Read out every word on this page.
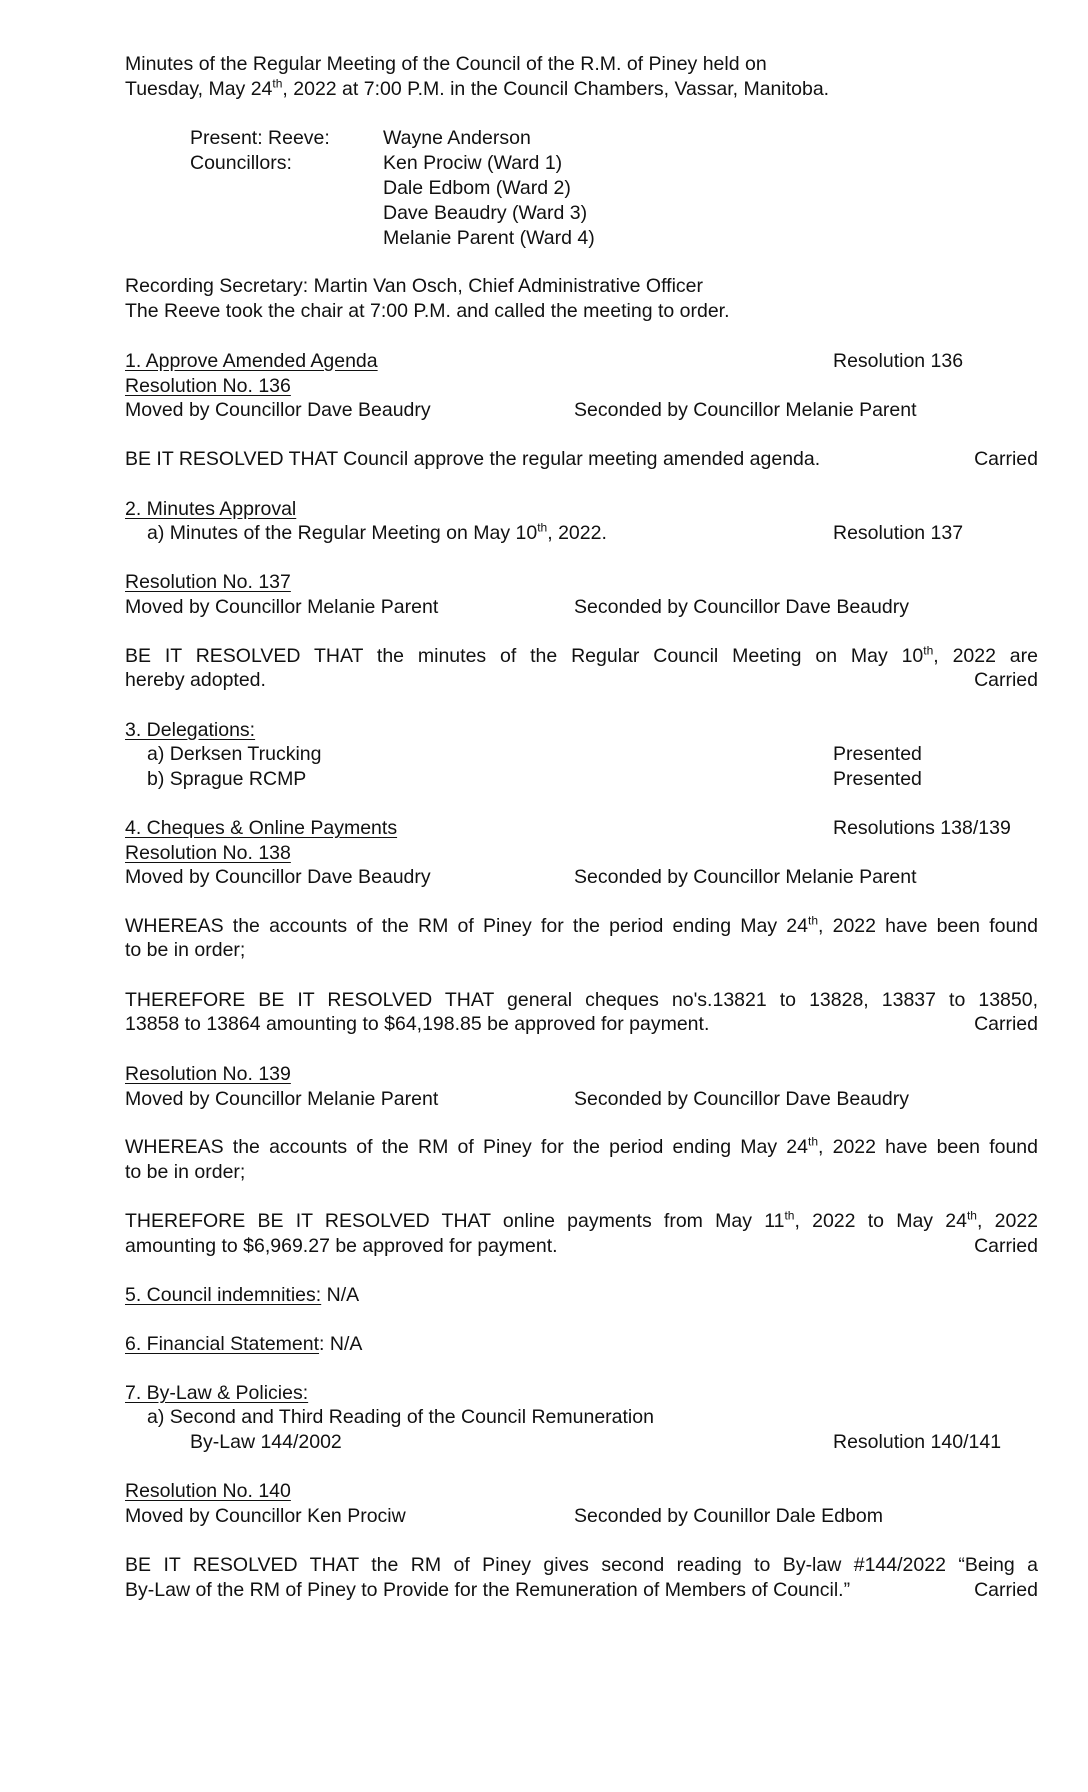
Minutes of the Regular Meeting of the Council of the R.M. of Piney held on
Tuesday, May 24th, 2022 at 7:00 P.M. in the Council Chambers, Vassar, Manitoba.
Present: Reeve:	Wayne Anderson
Councillors:	Ken Prociw (Ward 1)
Dale Edbom (Ward 2)
Dave Beaudry (Ward 3)
Melanie Parent (Ward 4)
Recording Secretary: Martin Van Osch, Chief Administrative Officer
The Reeve took the chair at 7:00 P.M. and called the meeting to order.
1. Approve Amended Agenda	Resolution 136
Resolution No. 136
Moved by Councillor Dave Beaudry	Seconded by Councillor Melanie Parent
BE IT RESOLVED THAT Council approve the regular meeting amended agenda.	Carried
2. Minutes Approval
a) Minutes of the Regular Meeting on May 10th, 2022.	Resolution 137
Resolution No. 137
Moved by Councillor Melanie Parent	Seconded by Councillor Dave Beaudry
BE IT RESOLVED THAT the minutes of the Regular Council Meeting on May 10th, 2022 are
hereby adopted.	Carried
3. Delegations:
a) Derksen Trucking	Presented
b) Sprague RCMP	Presented
4. Cheques & Online Payments	Resolutions 138/139
Resolution No. 138
Moved by Councillor Dave Beaudry	Seconded by Councillor Melanie Parent
WHEREAS the accounts of the RM of Piney for the period ending May 24th, 2022 have been found
to be in order;
THEREFORE BE IT RESOLVED THAT general cheques no's.13821 to 13828, 13837 to 13850,
13858 to 13864 amounting to $64,198.85 be approved for payment.	Carried
Resolution No. 139
Moved by Councillor Melanie Parent	Seconded by Councillor Dave Beaudry
WHEREAS the accounts of the RM of Piney for the period ending May 24th, 2022 have been found
to be in order;
THEREFORE BE IT RESOLVED THAT online payments from May 11th, 2022 to May 24th, 2022
amounting to $6,969.27 be approved for payment.	Carried
5. Council indemnities: N/A
6. Financial Statement: N/A
7. By-Law & Policies:
a) Second and Third Reading of the Council Remuneration
By-Law 144/2002	Resolution 140/141
Resolution No. 140
Moved by Councillor Ken Prociw	Seconded by Counillor Dale Edbom
BE IT RESOLVED THAT the RM of Piney gives second reading to By-law #144/2022 “Being a
By-Law of the RM of Piney to Provide for the Remuneration of Members of Council.”	Carried
